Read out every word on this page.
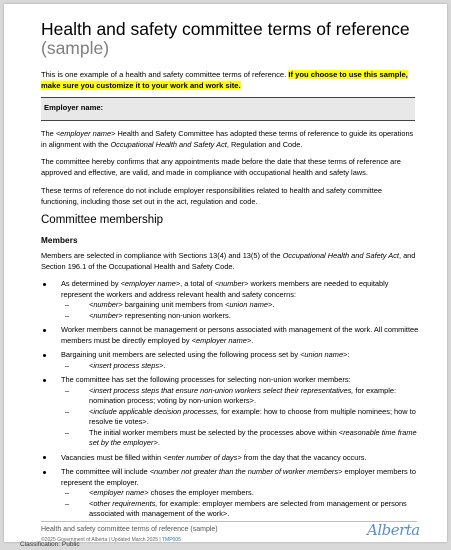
Health and safety committee terms of reference (sample)
This is one example of a health and safety committee terms of reference. If you choose to use this sample, make sure you customize it to your work and work site.
Employer name:
The <employer name> Health and Safety Committee has adopted these terms of reference to guide its operations in alignment with the Occupational Health and Safety Act, Regulation and Code.
The committee hereby confirms that any appointments made before the date that these terms of reference are approved and effective, are valid, and made in compliance with occupational health and safety laws.
These terms of reference do not include employer responsibilities related to health and safety committee functioning, including those set out in the act, regulation and code.
Committee membership
Members
Members are selected in compliance with Sections 13(4) and 13(5) of the Occupational Health and Safety Act, and Section 196.1 of the Occupational Health and Safety Code.

As determined by <employer name>, a total of <number> workers members are needed to equitably represent the workers and address relevant health and safety concerns:

–	<number> bargaining unit members from <union name>.

–	<number> representing non-union workers.

Worker members cannot be management or persons associated with management of the work. All committee members must be directly employed by <employer name>.

Bargaining unit members are selected using the following process set by <union name>:

–	<insert process steps>.

The committee has set the following processes for selecting non-union worker members:

–	<insert process steps that ensure non-union workers select their representatives, for example: nomination process; voting by non-union workers>.

–	<include applicable decision processes, for example: how to choose from multiple nominees; how to resolve tie votes>.

–	The initial worker members must be selected by the processes above within <reasonable time frame set by the employer>.

Vacancies must be filled within <enter number of days> from the day that the vacancy occurs.

The committee will include <number not greater than the number of worker members> employer members to represent the employer.

–	<employer name> choses the employer members.

–	<other requirements, for example: employer members are selected from management or persons associated with management of the work>.

Health and safety committee terms of reference (sample)
©2025 Government of Alberta | Updated March 2025 | TMP005
Alberta
Classification: Public
